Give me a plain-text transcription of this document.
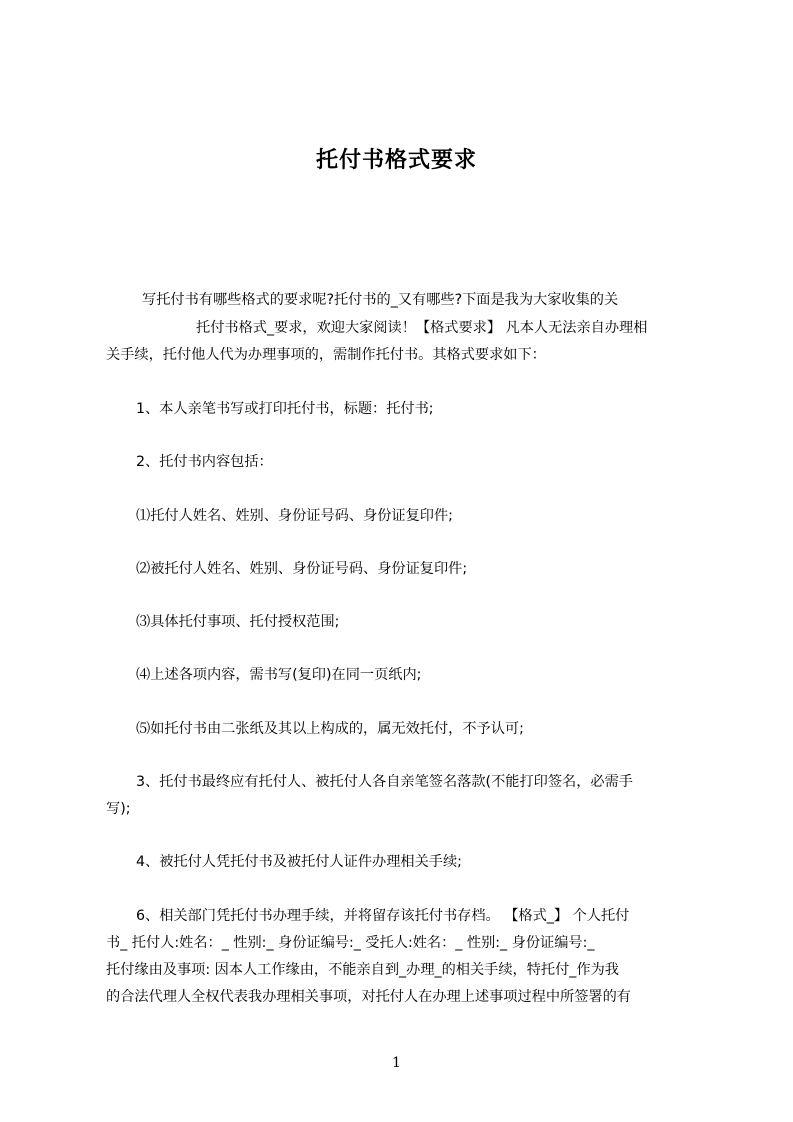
托付书格式要求

写托付书有哪些格式的要求呢?托付书的_又有哪些?下面是我为大家收集的关

托付书格式_要求，欢迎大家阅读！【格式要求】 凡本人无法亲自办理相

关手续，托付他人代为办理事项的，需制作托付书。其格式要求如下：

1、本人亲笔书写或打印托付书，标题：托付书;

2、托付书内容包括：

⑴托付人姓名、姓别、身份证号码、身份证复印件;

⑵被托付人姓名、姓别、身份证号码、身份证复印件;

⑶具体托付事项、托付授权范围;

⑷上述各项内容，需书写(复印)在同一页纸内;

⑸如托付书由二张纸及其以上构成的，属无效托付，不予认可;

3、托付书最终应有托付人、被托付人各自亲笔签名落款(不能打印签名，必需手

写);

4、被托付人凭托付书及被托付人证件办理相关手续;

6、相关部门凭托付书办理手续，并将留存该托付书存档。 【格式_】 个人托付

书_ 托付人:姓名：_ 性别:_ 身份证编号:_ 受托人:姓名：_ 性别:_ 身份证编号:_

托付缘由及事项: 因本人工作缘由，不能亲自到_办理_的相关手续，特托付_作为我

的合法代理人全权代表我办理相关事项，对托付人在办理上述事项过程中所签署的有

1
